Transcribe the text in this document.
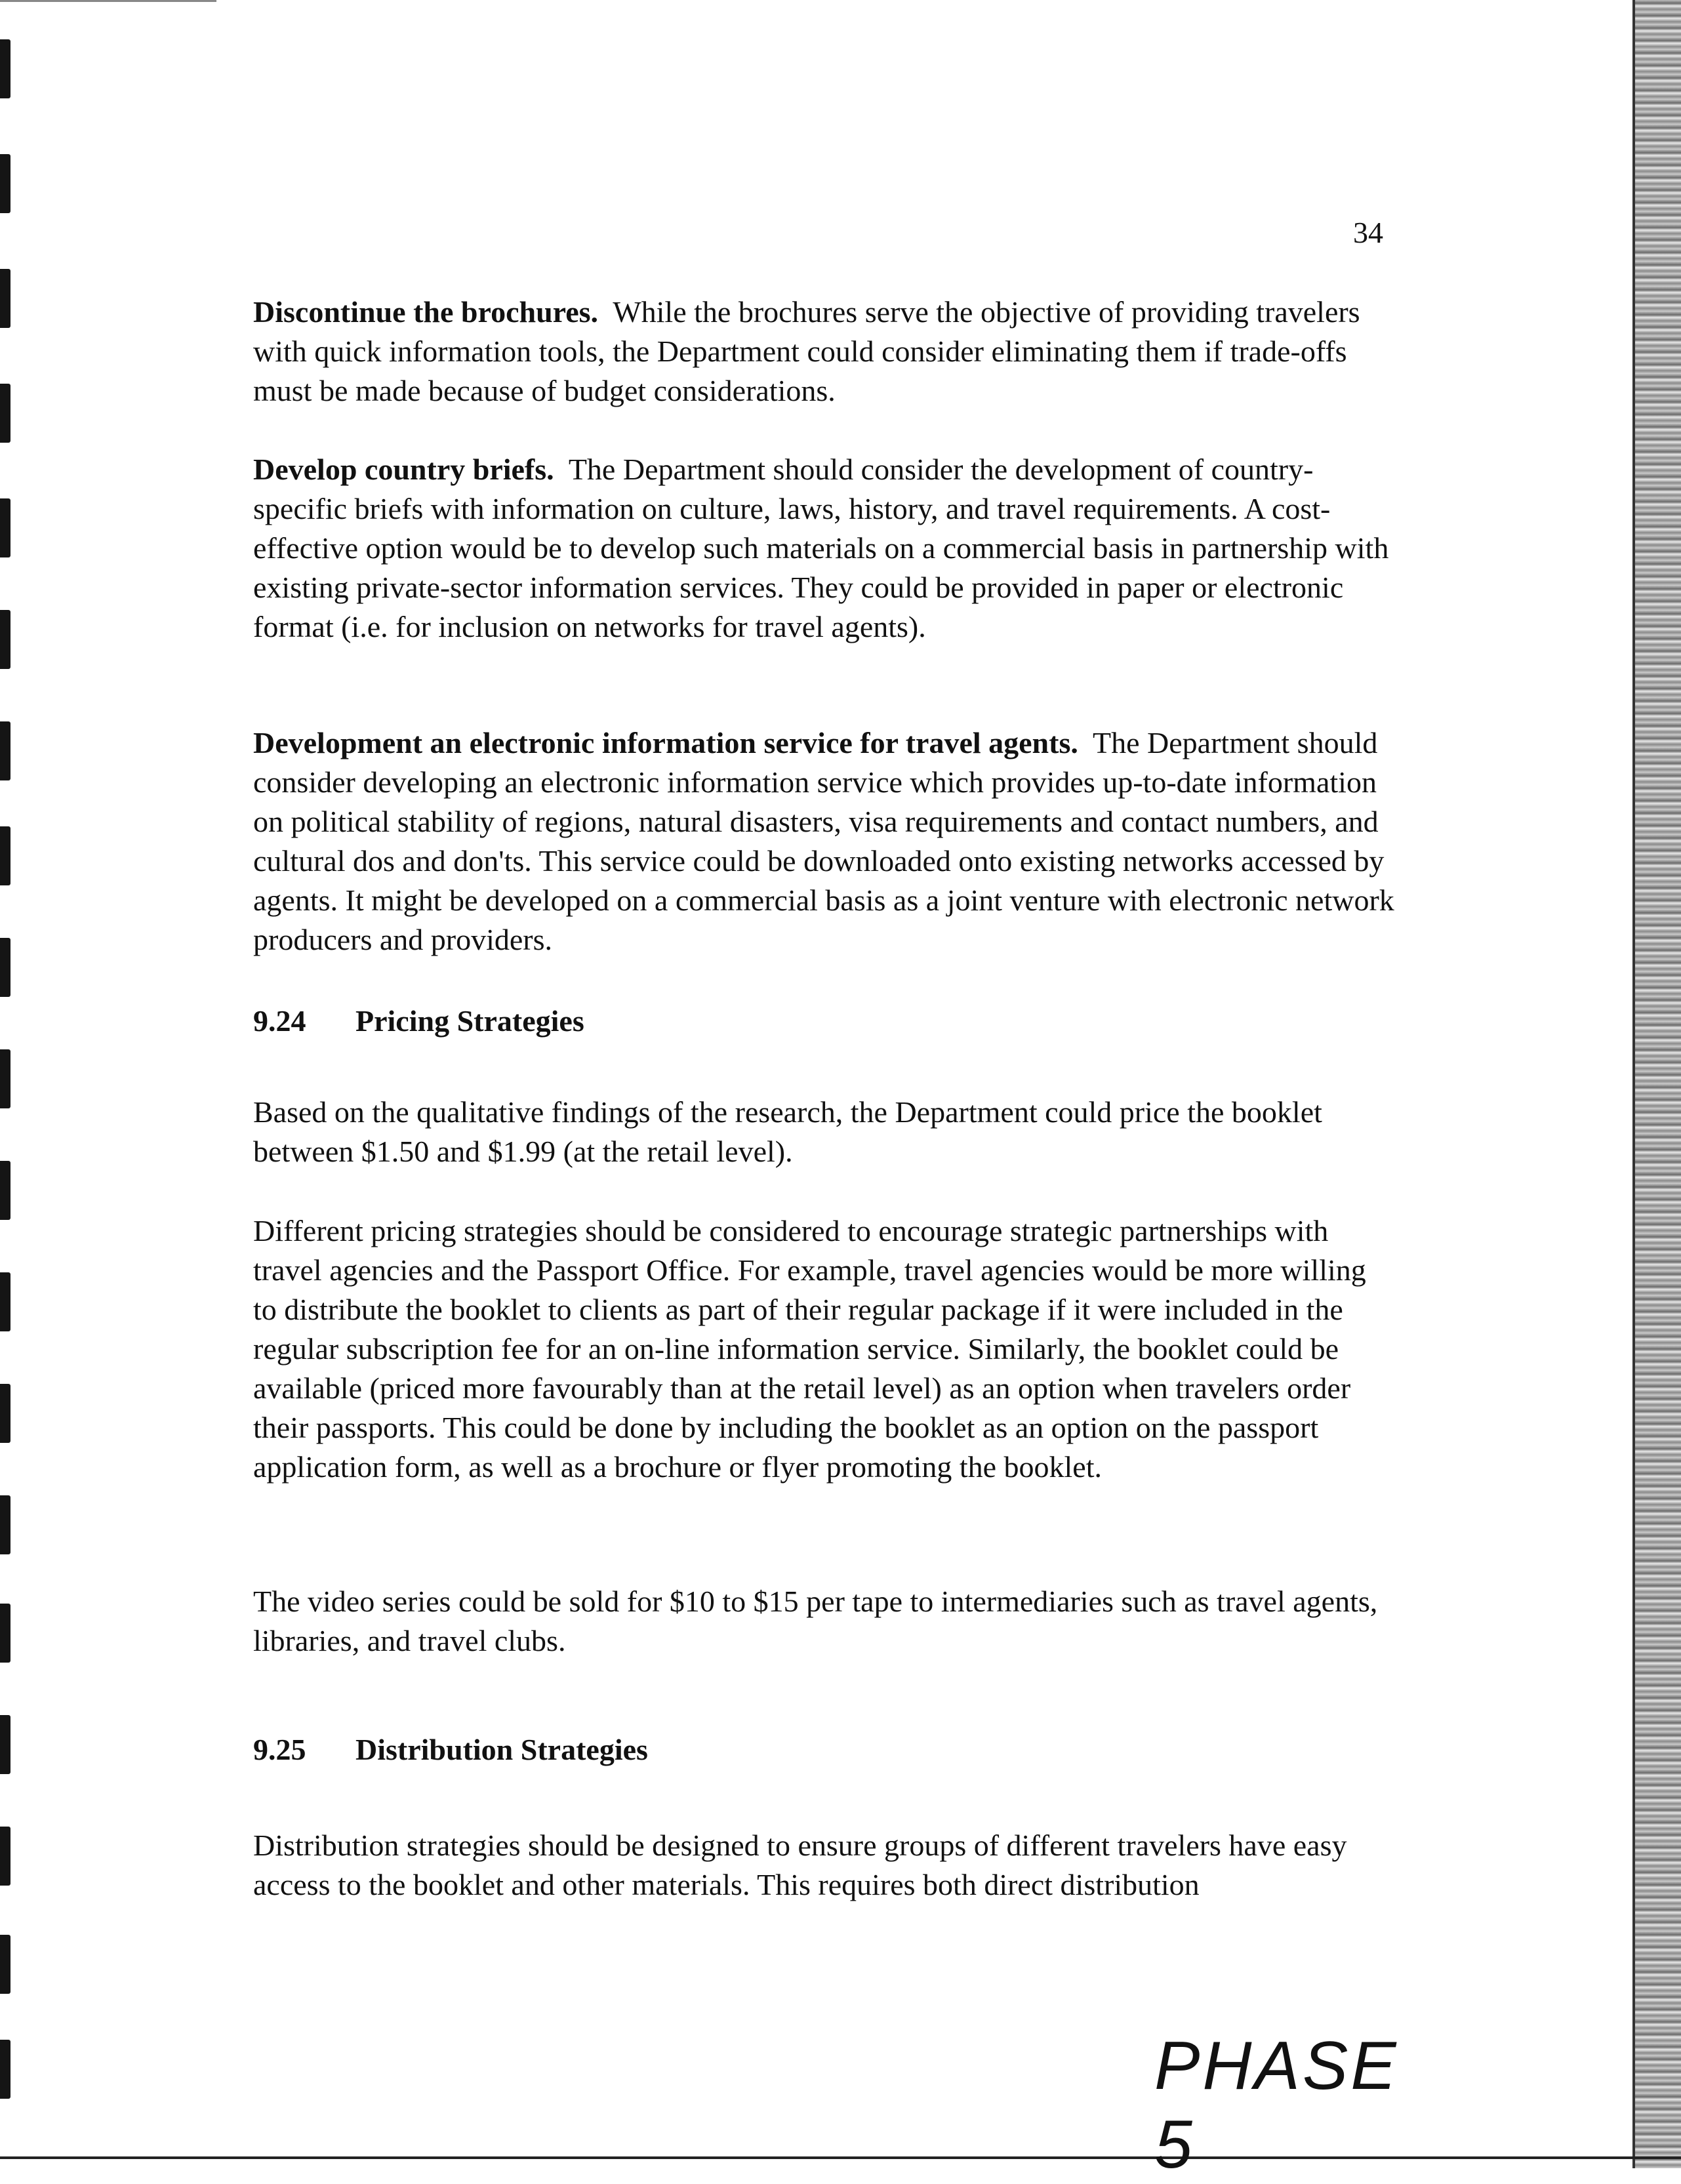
34

Discontinue the brochures. While the brochures serve the objective of providing travelers with quick information tools, the Department could consider eliminating them if trade-offs must be made because of budget considerations.

Develop country briefs. The Department should consider the development of country-specific briefs with information on culture, laws, history, and travel requirements. A cost-effective option would be to develop such materials on a commercial basis in partnership with existing private-sector information services. They could be provided in paper or electronic format (i.e. for inclusion on networks for travel agents).

Development an electronic information service for travel agents. The Department should consider developing an electronic information service which provides up-to-date information on political stability of regions, natural disasters, visa requirements and contact numbers, and cultural dos and don'ts. This service could be downloaded onto existing networks accessed by agents. It might be developed on a commercial basis as a joint venture with electronic network producers and providers.

9.24 Pricing Strategies

Based on the qualitative findings of the research, the Department could price the booklet between $1.50 and $1.99 (at the retail level).

Different pricing strategies should be considered to encourage strategic partnerships with travel agencies and the Passport Office. For example, travel agencies would be more willing to distribute the booklet to clients as part of their regular package if it were included in the regular subscription fee for an on-line information service. Similarly, the booklet could be available (priced more favourably than at the retail level) as an option when travelers order their passports. This could be done by including the booklet as an option on the passport application form, as well as a brochure or flyer promoting the booklet.

The video series could be sold for $10 to $15 per tape to intermediaries such as travel agents, libraries, and travel clubs.

9.25 Distribution Strategies

Distribution strategies should be designed to ensure groups of different travelers have easy access to the booklet and other materials. This requires both direct distribution

PHASE5
